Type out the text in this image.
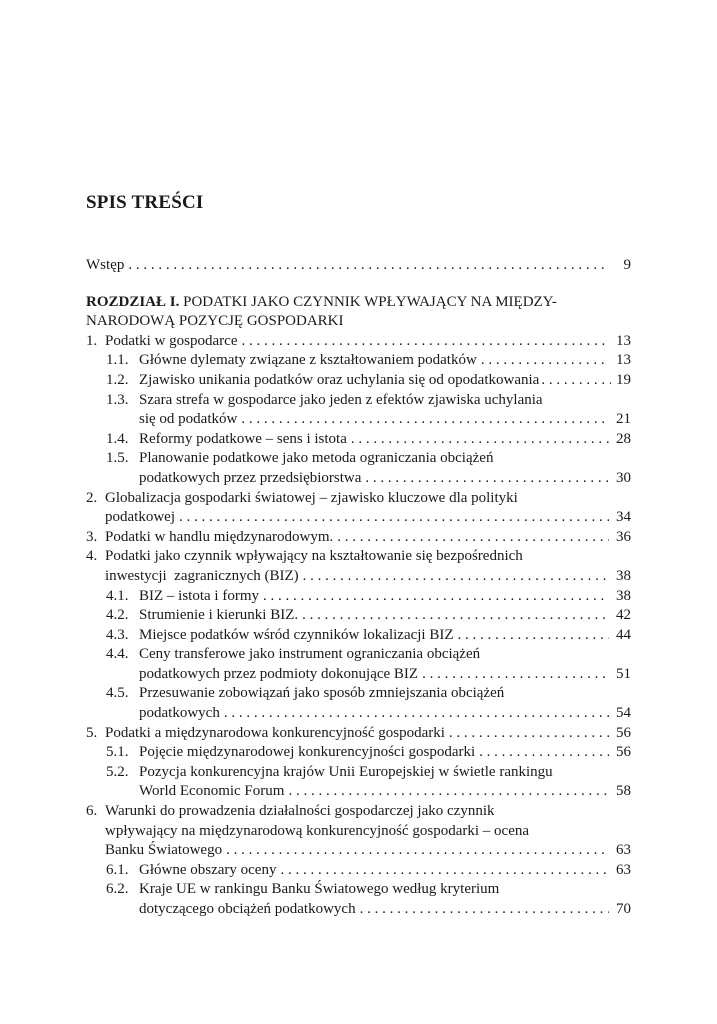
SPIS TREŚCI
Wstęp . . .	9
ROZDZIAŁ I. PODATKI JAKO CZYNNIK WPŁYWAJĄCY NA MIĘDZY-
NARODOWĄ POZYCJĘ GOSPODARKI
1. Podatki w gospodarce . . .	13
1.1. Główne dylematy związane z kształtowaniem podatków . . .	13
1.2. Zjawisko unikania podatków oraz uchylania się od opodatkowania . . .	19
1.3. Szara strefa w gospodarce jako jeden z efektów zjawiska uchylania
się od podatków . . .	21
1.4. Reformy podatkowe – sens i istota . . .	28
1.5. Planowanie podatkowe jako metoda ograniczania obciążeń
podatkowych przez przedsiębiorstwa . . .	30
2. Globalizacja gospodarki światowej – zjawisko kluczowe dla polityki
podatkowej . . .	34
3. Podatki w handlu międzynarodowym. . . .	36
4. Podatki jako czynnik wpływający na kształtowanie się bezpośrednich
inwestycji  zagranicznych (BIZ) . . .	38
4.1. BIZ – istota i formy . . .	38
4.2. Strumienie i kierunki BIZ. . . .	42
4.3. Miejsce podatków wśród czynników lokalizacji BIZ . . .	44
4.4. Ceny transferowe jako instrument ograniczania obciążeń
podatkowych przez podmioty dokonujące BIZ . . .	51
4.5. Przesuwanie zobowiązań jako sposób zmniejszania obciążeń
podatkowych . . .	54
5. Podatki a międzynarodowa konkurencyjność gospodarki . . .	56
5.1. Pojęcie międzynarodowej konkurencyjności gospodarki . . .	56
5.2. Pozycja konkurencyjna krajów Unii Europejskiej w świetle rankingu
World Economic Forum . . .	58
6. Warunki do prowadzenia działalności gospodarczej jako czynnik
wpływający na międzynarodową konkurencyjność gospodarki – ocena
Banku Światowego . . .	63
6.1. Główne obszary oceny . . .	63
6.2. Kraje UE w rankingu Banku Światowego według kryterium
dotyczącego obciążeń podatkowych . . .	70
